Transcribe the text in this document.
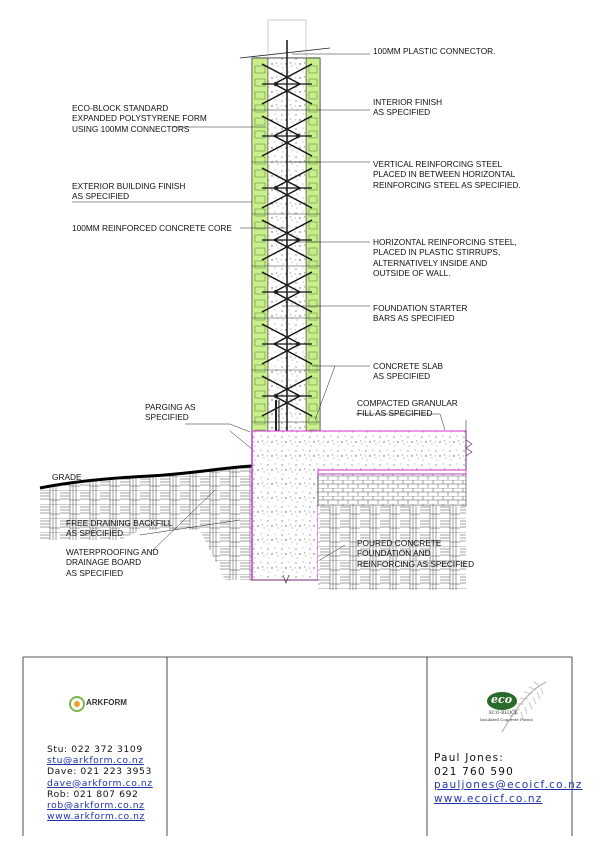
100MM PLASTIC CONNECTOR.
ECO-BLOCK STANDARD
EXPANDED POLYSTYRENE FORM
USING 100MM CONNECTORS
INTERIOR FINISH
AS SPECIFIED
VERTICAL REINFORCING STEEL
PLACED IN BETWEEN HORIZONTAL
REINFORCING STEEL AS SPECIFIED.
EXTERIOR BUILDING FINISH
AS SPECIFIED
100MM REINFORCED CONCRETE CORE
HORIZONTAL REINFORCING STEEL,
PLACED IN PLASTIC STIRRUPS,
ALTERNATIVELY INSIDE AND
OUTSIDE OF WALL.
FOUNDATION STARTER
BARS AS SPECIFIED
CONCRETE SLAB
AS SPECIFIED
PARGING AS
SPECIFIED
COMPACTED GRANULAR
FILL AS SPECIFIED
GRADE
FREE DRAINING BACKFILL
AS SPECIFIED
WATERPROOFING AND
DRAINAGE BOARD
AS SPECIFIED
POURED CONCRETE
FOUNDATION AND
REINFORCING AS SPECIFIED
ARKFORM
Stu: 022 372 3109
stu@arkform.co.nz
Dave: 021 223 3953
dave@arkform.co.nz
Rob: 021 807 692
rob@arkform.co.nz
www.arkform.co.nz
eco
ECO-BLOCK
Insulated Concrete Forms
Paul Jones:
021 760 590
pauljones@ecoicf.co.nz
www.ecoicf.co.nz
